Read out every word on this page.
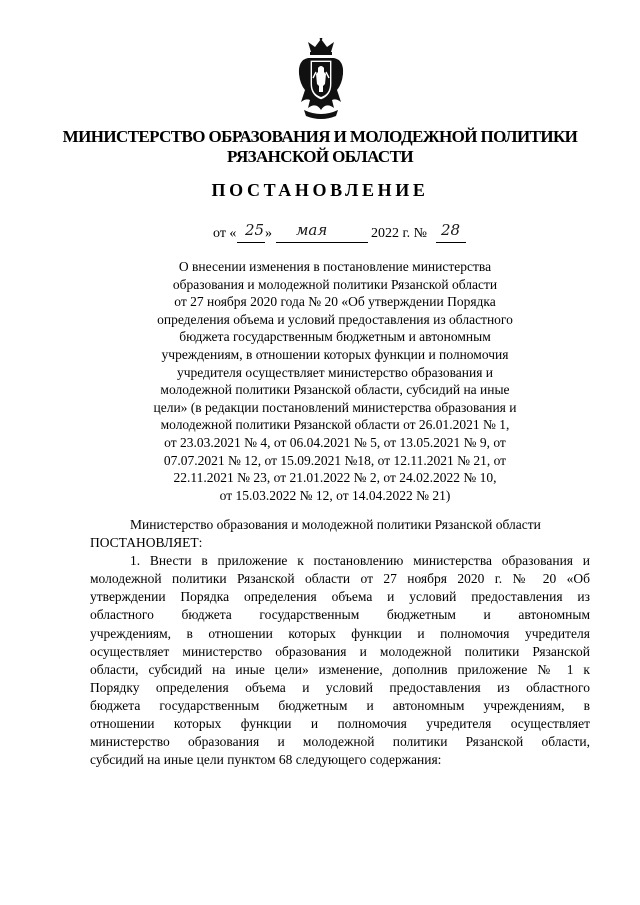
МИНИСТЕРСТВО ОБРАЗОВАНИЯ И МОЛОДЕЖНОЙ ПОЛИТИКИ
РЯЗАНСКОЙ ОБЛАСТИ
ПОСТАНОВЛЕНИЕ
от « 25 » мая	2022 г. № 28
О внесении изменения в постановление министерства
образования и молодежной политики Рязанской области
от 27 ноября 2020 года № 20 «Об утверждении Порядка
определения объема и условий предоставления из областного
бюджета государственным бюджетным и автономным
учреждениям, в отношении которых функции и полномочия
учредителя осуществляет министерство образования и
молодежной политики Рязанской области, субсидий на иные
цели» (в редакции постановлений министерства образования и
молодежной политики Рязанской области от 26.01.2021 № 1,
от 23.03.2021 № 4, от 06.04.2021 № 5, от 13.05.2021 № 9, от
07.07.2021 № 12, от 15.09.2021 №18, от 12.11.2021 № 21, от
22.11.2021 № 23, от 21.01.2022 № 2, от 24.02.2022 № 10,
от 15.03.2022 № 12, от 14.04.2022 № 21)
Министерство образования и молодежной политики Рязанской области
ПОСТАНОВЛЯЕТ:
1. Внести в приложение к постановлению министерства образования и
молодежной политики Рязанской области от 27 ноября 2020 г. № 20 «Об
утверждении Порядка определения объема и условий предоставления из
областного бюджета государственным бюджетным и автономным
учреждениям, в отношении которых функции и полномочия учредителя
осуществляет министерство образования и молодежной политики Рязанской
области, субсидий на иные цели» изменение, дополнив приложение № 1 к
Порядку определения объема и условий предоставления из областного
бюджета государственным бюджетным и автономным учреждениям, в
отношении которых функции и полномочия учредителя осуществляет
министерство образования и молодежной политики Рязанской области,
субсидий на иные цели пунктом 68 следующего содержания:
